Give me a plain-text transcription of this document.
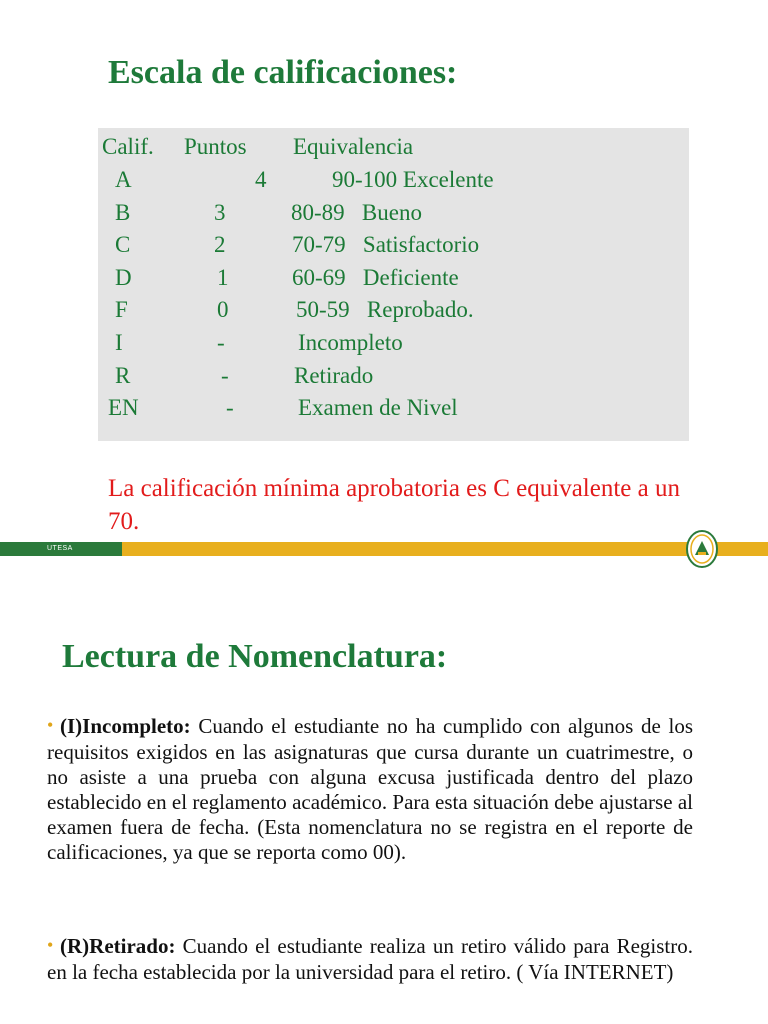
Escala de calificaciones:
Calif. Puntos Equivalencia
A	4	90-100 Excelente
B	3	80-89   Bueno
C	2	70-79   Satisfactorio
D	1	60-69   Deficiente
F	0	50-59   Reprobado.
I	-	Incompleto
R	-	Retirado
EN	-	Examen de Nivel

La calificación mínima aprobatoria es C equivalente a un 70.

UTESA
Lectura de Nomenclatura:

• (I)Incompleto: Cuando el estudiante no ha cumplido con algunos de los requisitos exigidos en las asignaturas que cursa durante un cuatrimestre, o no asiste a una prueba con alguna excusa justificada dentro del plazo establecido en el reglamento académico. Para esta situación debe ajustarse al examen fuera de fecha. (Esta nomenclatura no se registra en el reporte de calificaciones, ya que se reporta como 00).

• (R)Retirado: Cuando el estudiante realiza un retiro válido para Registro. en la fecha establecida por la universidad para el retiro. ( Vía INTERNET)
